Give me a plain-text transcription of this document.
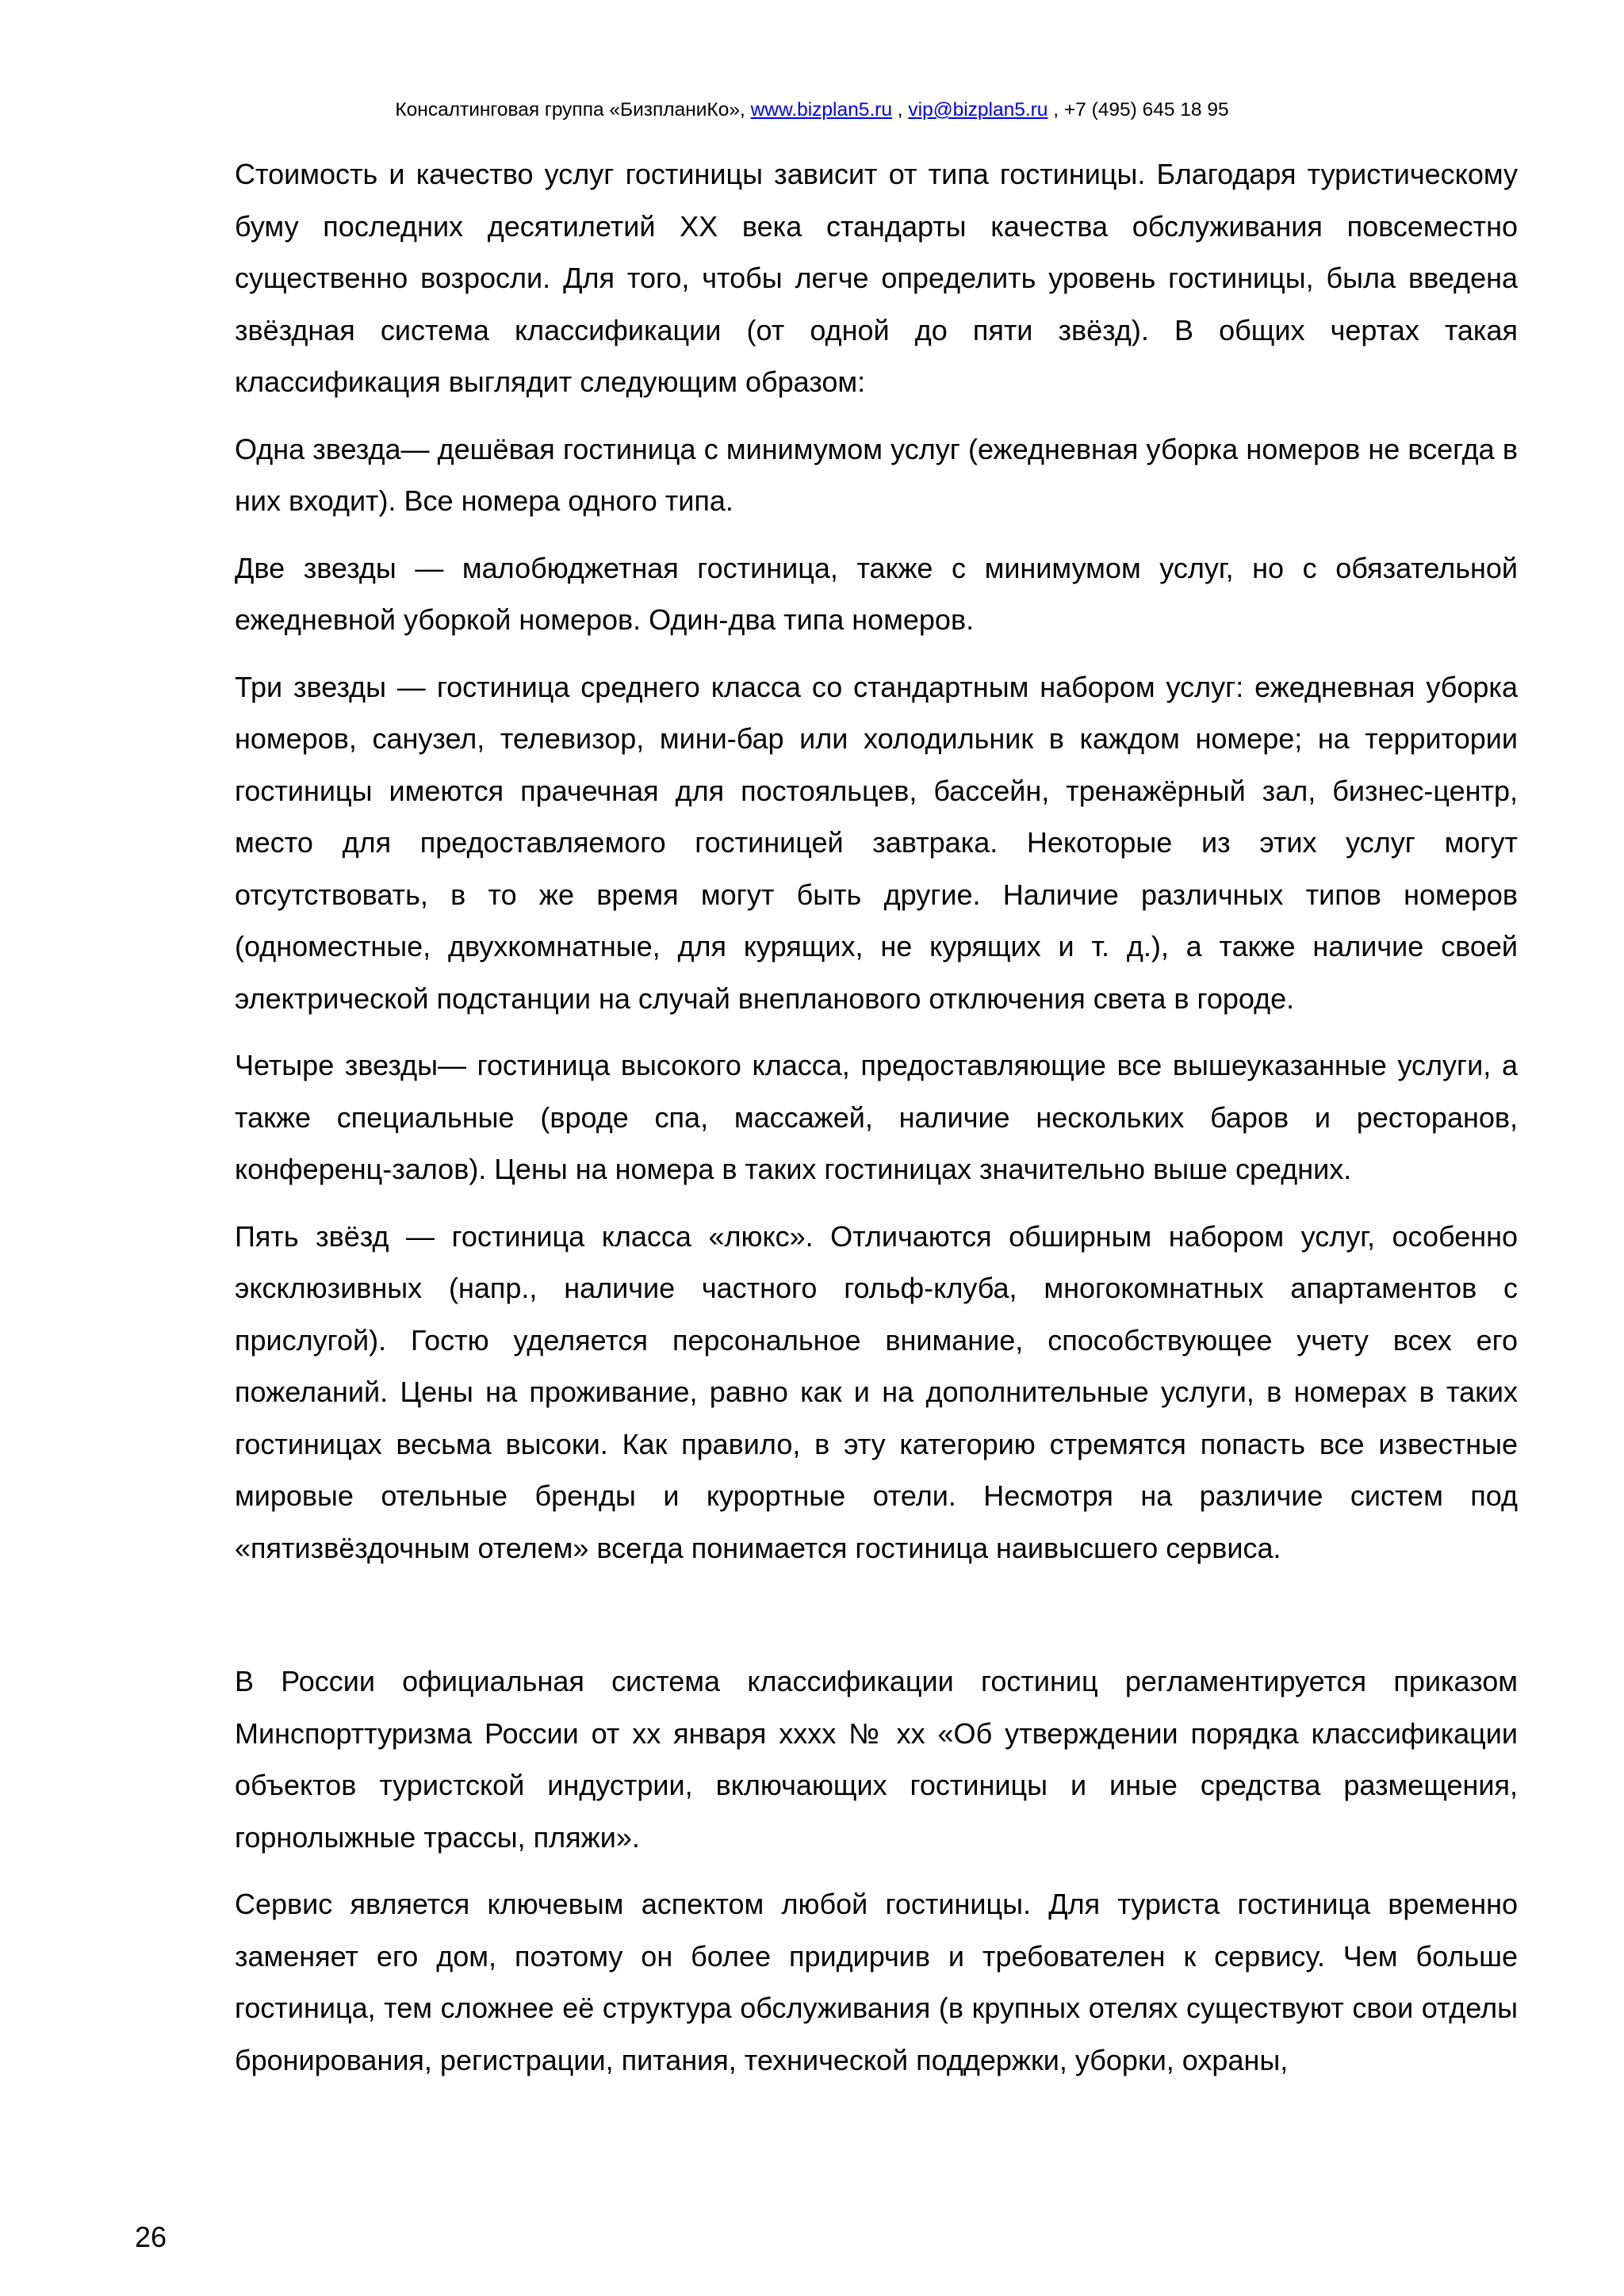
Консалтинговая группа «БизпланиКо», www.bizplan5.ru , vip@bizplan5.ru , +7 (495) 645 18 95

Стоимость и качество услуг гостиницы зависит от типа гостиницы. Благодаря туристическому буму последних десятилетий XX века стандарты качества обслуживания повсеместно существенно возросли. Для того, чтобы легче определить уровень гостиницы, была введена звёздная система классификации (от одной до пяти звёзд). В общих чертах такая классификация выглядит следующим образом:

Одна звезда— дешёвая гостиница с минимумом услуг (ежедневная уборка номеров не всегда в них входит). Все номера одного типа.

Две звезды — малобюджетная гостиница, также с минимумом услуг, но с обязательной ежедневной уборкой номеров. Один-два типа номеров.

Три звезды — гостиница среднего класса со стандартным набором услуг: ежедневная уборка номеров, санузел, телевизор, мини-бар или холодильник в каждом номере; на территории гостиницы имеются прачечная для постояльцев, бассейн, тренажёрный зал, бизнес-центр, место для предоставляемого гостиницей завтрака. Некоторые из этих услуг могут отсутствовать, в то же время могут быть другие. Наличие различных типов номеров (одноместные, двухкомнатные, для курящих, не курящих и т. д.), а также наличие своей электрической подстанции на случай внепланового отключения света в городе.

Четыре звезды— гостиница высокого класса, предоставляющие все вышеуказанные услуги, а также специальные (вроде спа, массажей, наличие нескольких баров и ресторанов, конференц-залов). Цены на номера в таких гостиницах значительно выше средних.

Пять звёзд — гостиница класса «люкс». Отличаются обширным набором услуг, особенно эксклюзивных (напр., наличие частного гольф-клуба, многокомнатных апартаментов с прислугой). Гостю уделяется персональное внимание, способствующее учету всех его пожеланий. Цены на проживание, равно как и на дополнительные услуги, в номерах в таких гостиницах весьма высоки. Как правило, в эту категорию стремятся попасть все известные мировые отельные бренды и курортные отели. Несмотря на различие систем под «пятизвёздочным отелем» всегда понимается гостиница наивысшего сервиса.

В России официальная система классификации гостиниц регламентируется приказом Минспорттуризма России от хх января хххх № хх «Об утверждении порядка классификации объектов туристской индустрии, включающих гостиницы и иные средства размещения, горнолыжные трассы, пляжи».

Сервис является ключевым аспектом любой гостиницы. Для туриста гостиница временно заменяет его дом, поэтому он более придирчив и требователен к сервису. Чем больше гостиница, тем сложнее её структура обслуживания (в крупных отелях существуют свои отделы бронирования, регистрации, питания, технической поддержки, уборки, охраны,

26
